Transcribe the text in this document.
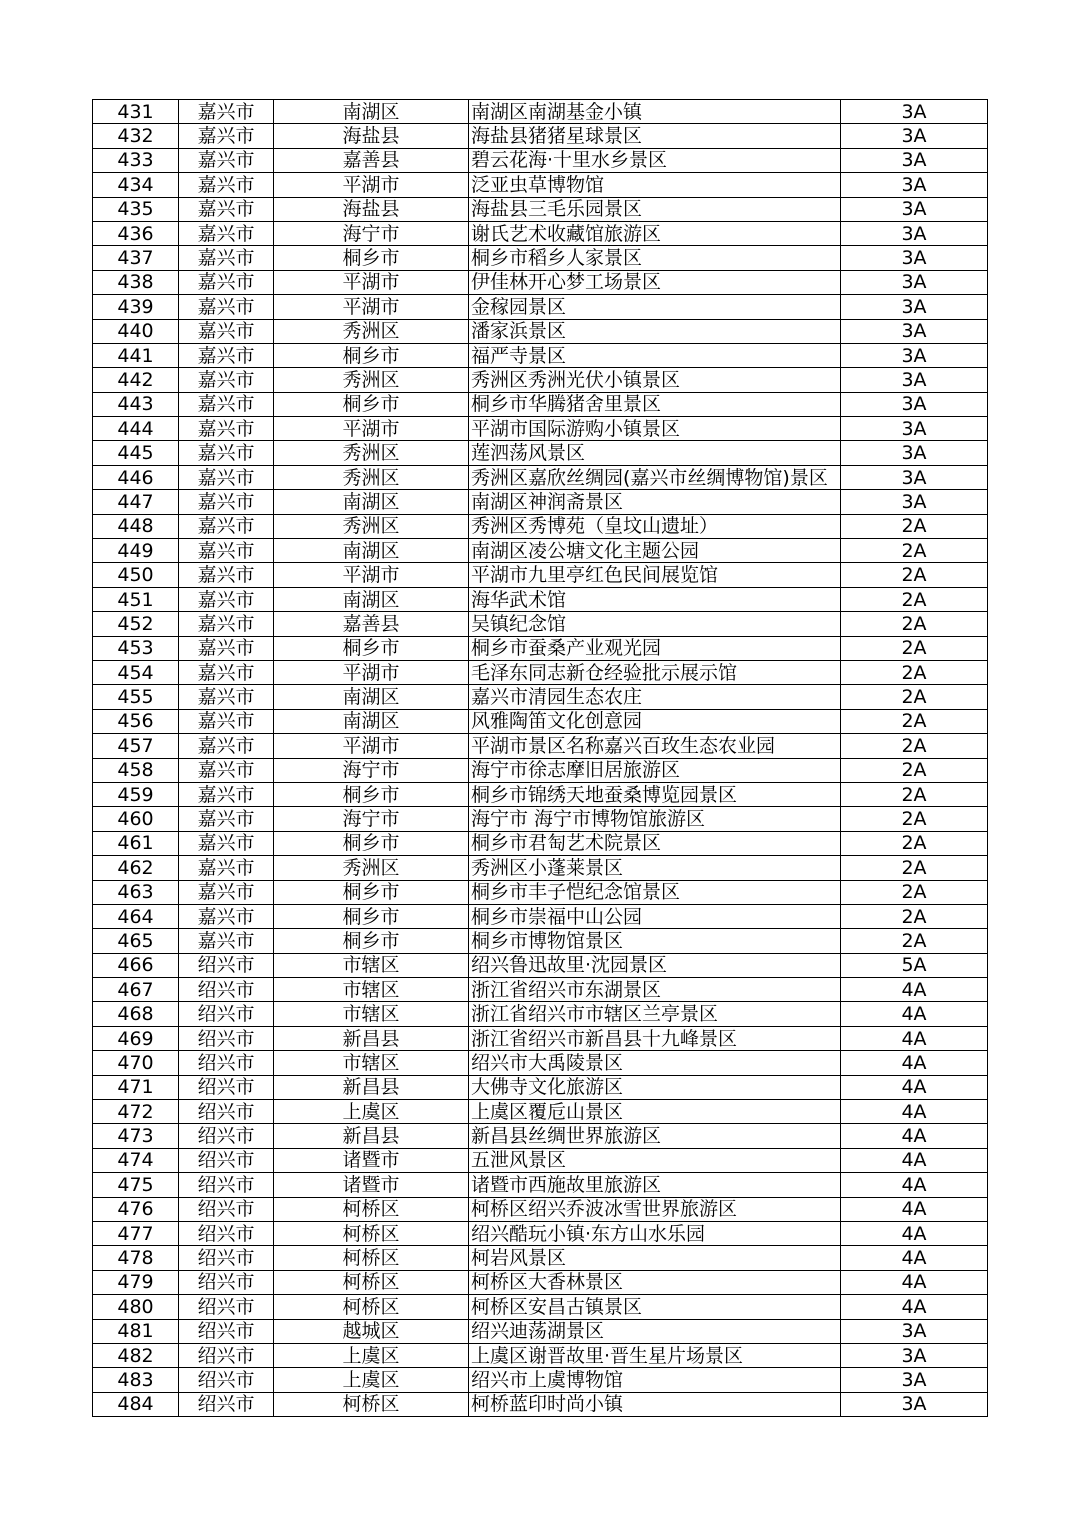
431	嘉兴市	南湖区	南湖区南湖基金小镇	3A
432	嘉兴市	海盐县	海盐县猪猪星球景区	3A
433	嘉兴市	嘉善县	碧云花海·十里水乡景区	3A
434	嘉兴市	平湖市	泛亚虫草博物馆	3A
435	嘉兴市	海盐县	海盐县三毛乐园景区	3A
436	嘉兴市	海宁市	谢氏艺术收藏馆旅游区	3A
437	嘉兴市	桐乡市	桐乡市稻乡人家景区	3A
438	嘉兴市	平湖市	伊佳林开心梦工场景区	3A
439	嘉兴市	平湖市	金稼园景区	3A
440	嘉兴市	秀洲区	潘家浜景区	3A
441	嘉兴市	桐乡市	福严寺景区	3A
442	嘉兴市	秀洲区	秀洲区秀洲光伏小镇景区	3A
443	嘉兴市	桐乡市	桐乡市华腾猪舍里景区	3A
444	嘉兴市	平湖市	平湖市国际游购小镇景区	3A
445	嘉兴市	秀洲区	莲泗荡风景区	3A
446	嘉兴市	秀洲区	秀洲区嘉欣丝绸园(嘉兴市丝绸博物馆)景区	3A
447	嘉兴市	南湖区	南湖区神润斋景区	3A
448	嘉兴市	秀洲区	秀洲区秀博苑（皇坟山遗址）	2A
449	嘉兴市	南湖区	南湖区凌公塘文化主题公园	2A
450	嘉兴市	平湖市	平湖市九里亭红色民间展览馆	2A
451	嘉兴市	南湖区	海华武术馆	2A
452	嘉兴市	嘉善县	吴镇纪念馆	2A
453	嘉兴市	桐乡市	桐乡市蚕桑产业观光园	2A
454	嘉兴市	平湖市	毛泽东同志新仓经验批示展示馆	2A
455	嘉兴市	南湖区	嘉兴市清园生态农庄	2A
456	嘉兴市	南湖区	风雅陶笛文化创意园	2A
457	嘉兴市	平湖市	平湖市景区名称嘉兴百玫生态农业园	2A
458	嘉兴市	海宁市	海宁市徐志摩旧居旅游区	2A
459	嘉兴市	桐乡市	桐乡市锦绣天地蚕桑博览园景区	2A
460	嘉兴市	海宁市	海宁市 海宁市博物馆旅游区	2A
461	嘉兴市	桐乡市	桐乡市君匋艺术院景区	2A
462	嘉兴市	秀洲区	秀洲区小蓬莱景区	2A
463	嘉兴市	桐乡市	桐乡市丰子恺纪念馆景区	2A
464	嘉兴市	桐乡市	桐乡市崇福中山公园	2A
465	嘉兴市	桐乡市	桐乡市博物馆景区	2A
466	绍兴市	市辖区	绍兴鲁迅故里·沈园景区	5A
467	绍兴市	市辖区	浙江省绍兴市东湖景区	4A
468	绍兴市	市辖区	浙江省绍兴市市辖区兰亭景区	4A
469	绍兴市	新昌县	浙江省绍兴市新昌县十九峰景区	4A
470	绍兴市	市辖区	绍兴市大禹陵景区	4A
471	绍兴市	新昌县	大佛寺文化旅游区	4A
472	绍兴市	上虞区	上虞区覆卮山景区	4A
473	绍兴市	新昌县	新昌县丝绸世界旅游区	4A
474	绍兴市	诸暨市	五泄风景区	4A
475	绍兴市	诸暨市	诸暨市西施故里旅游区	4A
476	绍兴市	柯桥区	柯桥区绍兴乔波冰雪世界旅游区	4A
477	绍兴市	柯桥区	绍兴酷玩小镇·东方山水乐园	4A
478	绍兴市	柯桥区	柯岩风景区	4A
479	绍兴市	柯桥区	柯桥区大香林景区	4A
480	绍兴市	柯桥区	柯桥区安昌古镇景区	4A
481	绍兴市	越城区	绍兴迪荡湖景区	3A
482	绍兴市	上虞区	上虞区谢晋故里·晋生星片场景区	3A
483	绍兴市	上虞区	绍兴市上虞博物馆	3A
484	绍兴市	柯桥区	柯桥蓝印时尚小镇	3A
